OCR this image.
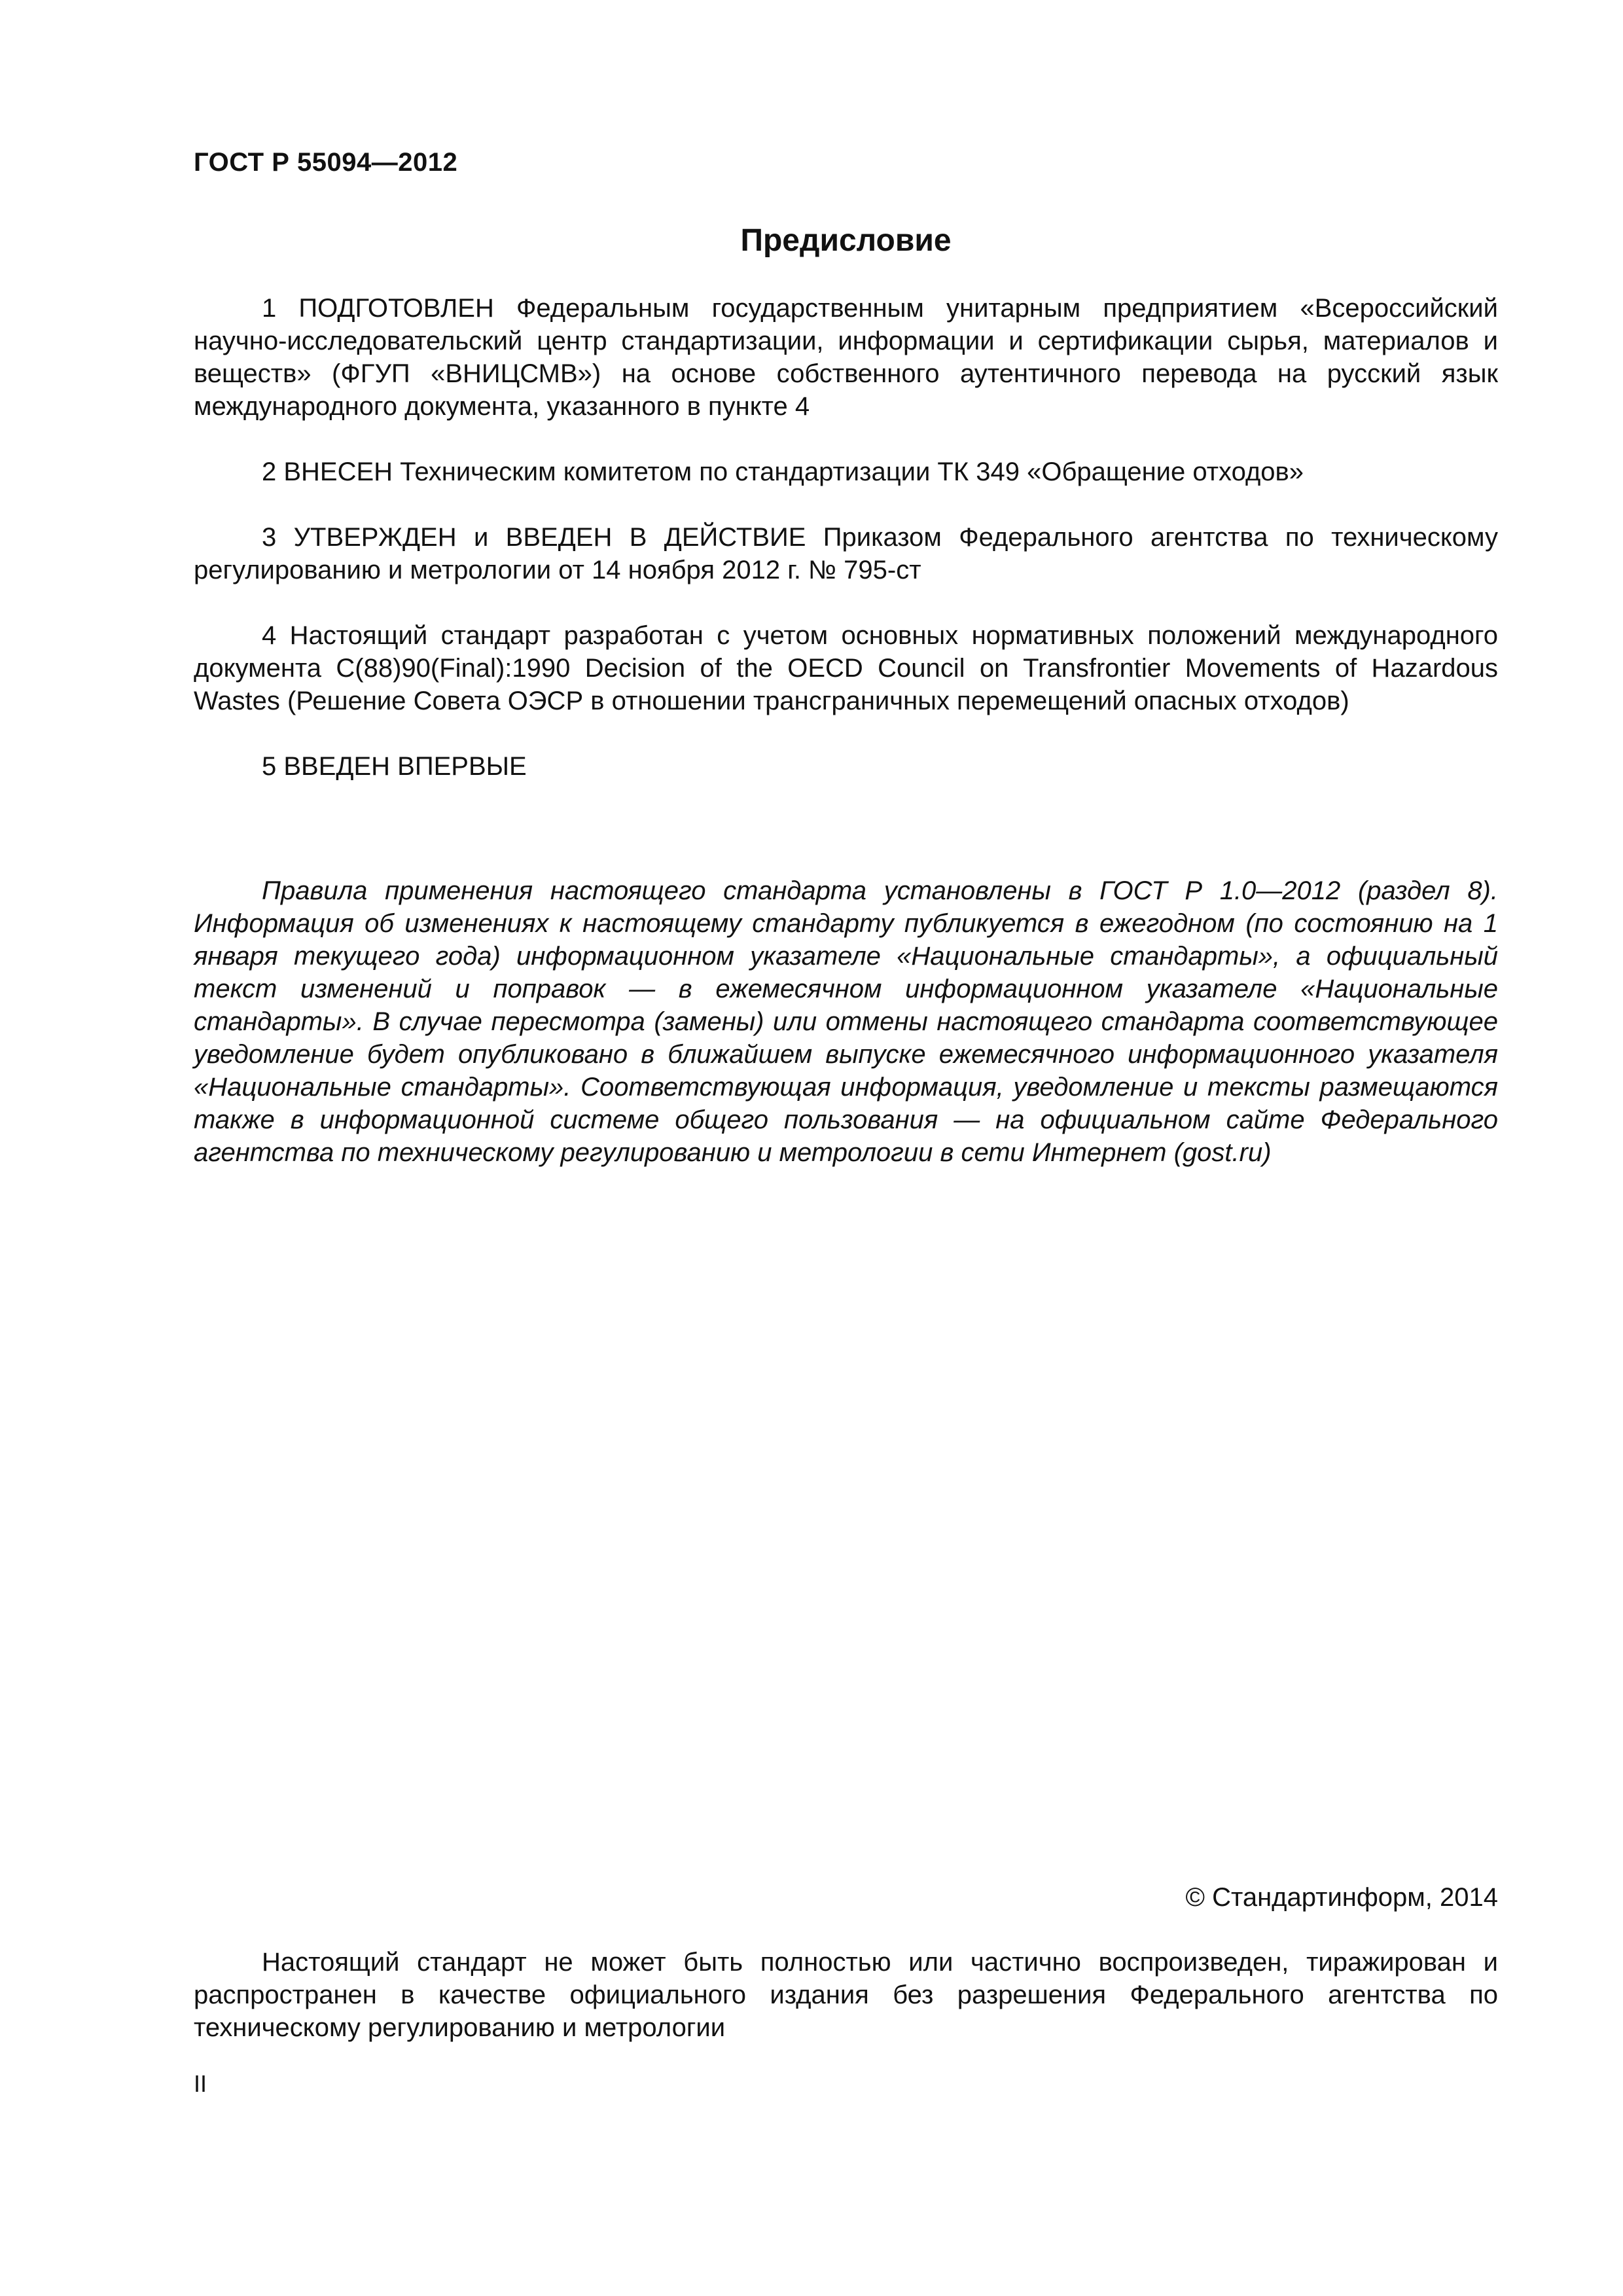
ГОСТ Р 55094—2012
Предисловие

1 ПОДГОТОВЛЕН Федеральным государственным унитарным предприятием «Всероссийский научно-исследовательский центр стандартизации, информации и сертификации сырья, материалов и веществ» (ФГУП «ВНИЦСМВ») на основе собственного аутентичного перевода на русский язык международного документа, указанного в пункте 4

2 ВНЕСЕН Техническим комитетом по стандартизации ТК 349 «Обращение отходов»

3 УТВЕРЖДЕН и ВВЕДЕН В ДЕЙСТВИЕ Приказом Федерального агентства по техническому регулированию и метрологии от 14 ноября 2012 г. № 795-ст

4 Настоящий стандарт разработан с учетом основных нормативных положений международного документа C(88)90(Final):1990 Decision of the OECD Council on Transfrontier Movements of Hazardous Wastes (Решение Совета ОЭСР в отношении трансграничных перемещений опасных отходов)

5 ВВЕДЕН ВПЕРВЫЕ

Правила применения настоящего стандарта установлены в ГОСТ Р 1.0—2012 (раздел 8). Информация об изменениях к настоящему стандарту публикуется в ежегодном (по состоянию на 1 января текущего года) информационном указателе «Национальные стандарты», а официальный текст изменений и поправок — в ежемесячном информационном указателе «Национальные стандарты». В случае пересмотра (замены) или отмены настоящего стандарта соответствующее уведомление будет опубликовано в ближайшем выпуске ежемесячного информационного указателя «Национальные стандарты». Соответствующая информация, уведомление и тексты размещаются также в информационной системе общего пользования — на официальном сайте Федерального агентства по техническому регулированию и метрологии в сети Интернет (gost.ru)

© Стандартинформ, 2014

Настоящий стандарт не может быть полностью или частично воспроизведен, тиражирован и распространен в качестве официального издания без разрешения Федерального агентства по техническому регулированию и метрологии

II
